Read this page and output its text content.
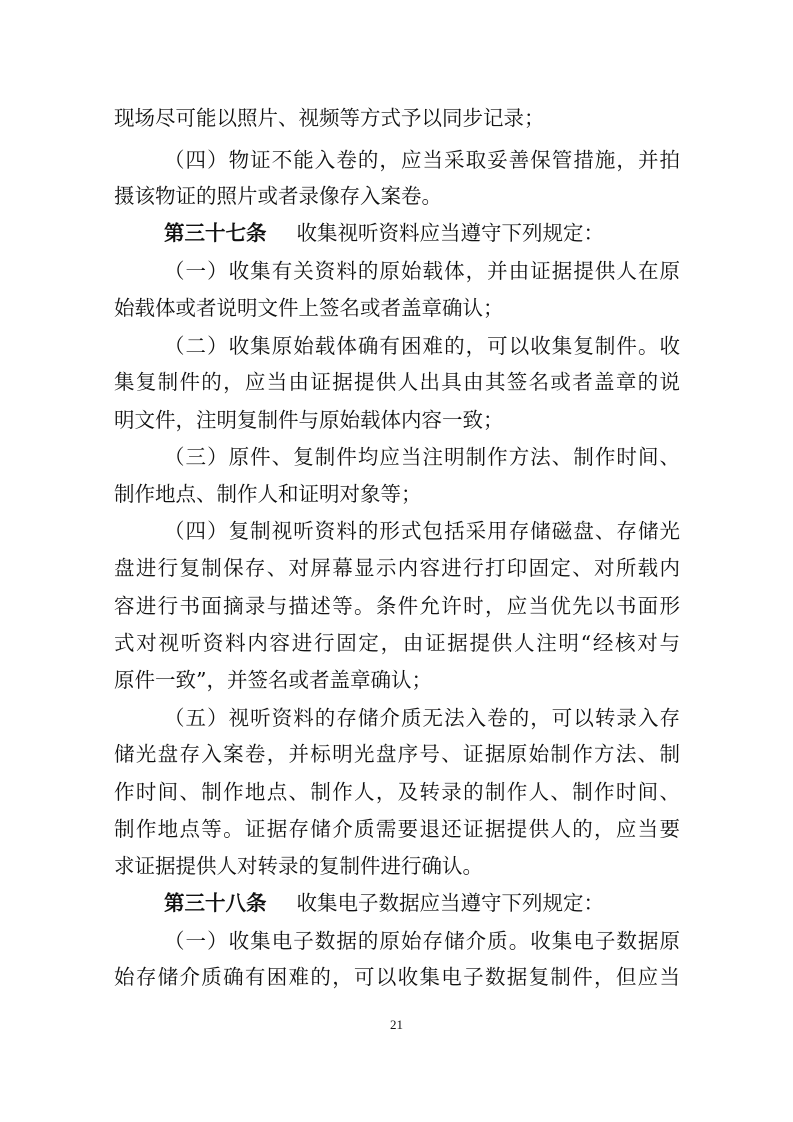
现场尽可能以照片、视频等方式予以同步记录；
（四）物证不能入卷的，应当采取妥善保管措施，并拍
摄该物证的照片或者录像存入案卷。
第三十七条 收集视听资料应当遵守下列规定：
（一）收集有关资料的原始载体，并由证据提供人在原
始载体或者说明文件上签名或者盖章确认；
（二）收集原始载体确有困难的，可以收集复制件。收
集复制件的，应当由证据提供人出具由其签名或者盖章的说
明文件，注明复制件与原始载体内容一致；
（三）原件、复制件均应当注明制作方法、制作时间、
制作地点、制作人和证明对象等；
（四）复制视听资料的形式包括采用存储磁盘、存储光
盘进行复制保存、对屏幕显示内容进行打印固定、对所载内
容进行书面摘录与描述等。条件允许时，应当优先以书面形
式对视听资料内容进行固定，由证据提供人注明“经核对与
原件一致”，并签名或者盖章确认；
（五）视听资料的存储介质无法入卷的，可以转录入存
储光盘存入案卷，并标明光盘序号、证据原始制作方法、制
作时间、制作地点、制作人，及转录的制作人、制作时间、
制作地点等。证据存储介质需要退还证据提供人的，应当要
求证据提供人对转录的复制件进行确认。
第三十八条 收集电子数据应当遵守下列规定：
（一）收集电子数据的原始存储介质。收集电子数据原
始存储介质确有困难的，可以收集电子数据复制件，但应当
21
